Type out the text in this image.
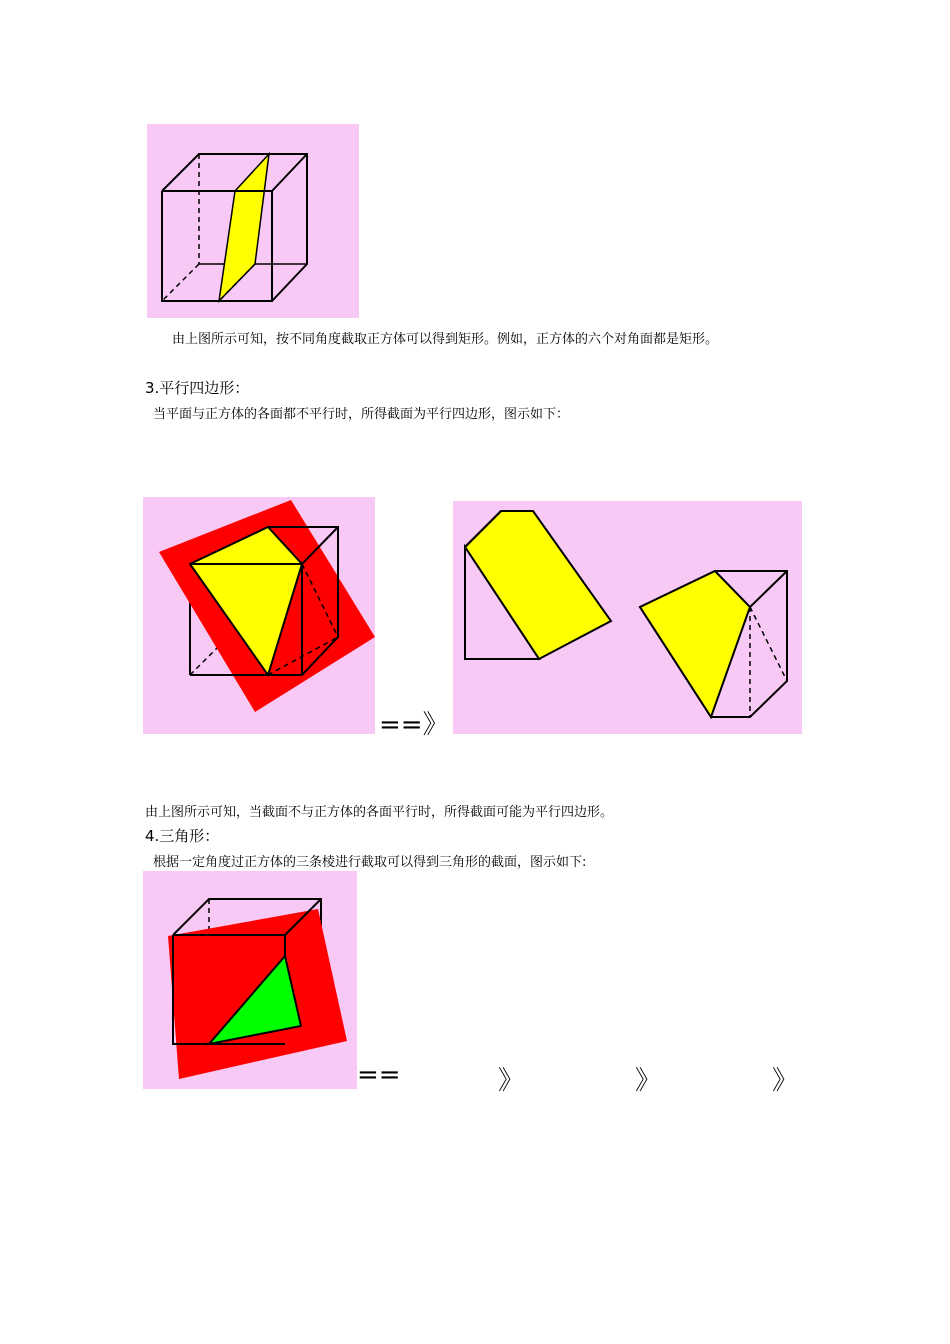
由上图所示可知，按不同角度截取正方体可以得到矩形。例如，正方体的六个对角面都是矩形。
3.平行四边形：
当平面与正方体的各面都不平行时，所得截面为平行四边形，图示如下：
==》
由上图所示可知，当截面不与正方体的各面平行时，所得截面可能为平行四边形。
4.三角形：
根据一定角度过正方体的三条棱进行截取可以得到三角形的截面，图示如下:
==	》	》	》
